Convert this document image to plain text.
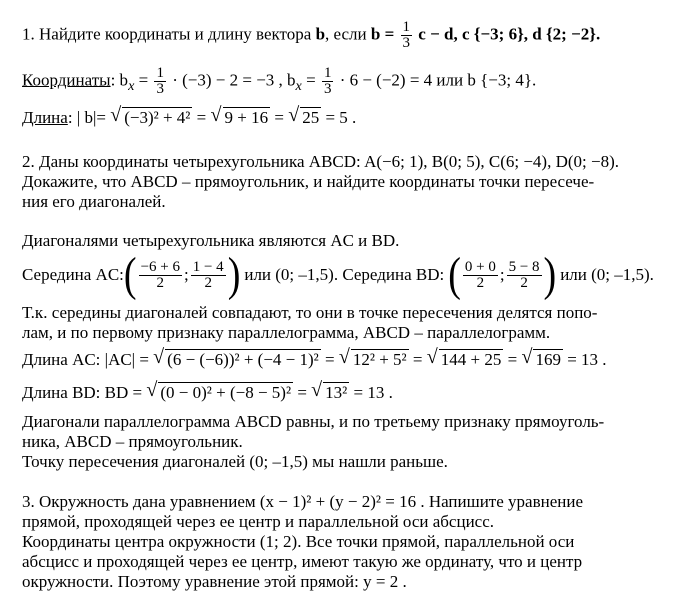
1. Найдите координаты и длину вектора b, если $b = \frac{1}{3}$ c − d, c {−3; 6}, d {2; −2}.
Координаты: $b_x = \frac{1}{3} \cdot (-3) - 2 = -3$ , $b_x = \frac{1}{3} \cdot 6 - (-2) = 4$ или b {−3; 4}.
Длина: | b|= √ (−3)² + 4² = √ 9 + 16 = √ 25 = 5 .
2. Даны координаты четырехугольника ABCD: A(−6; 1), B(0; 5), C(6; −4), D(0; −8).
Докажите, что ABCD – прямоугольник, и найдите координаты точки пересече-
ния его диагоналей.
Диагоналями четырехугольника являются AC и BD.
Середина AC: ( $\frac{-6 + 6}{2}$ ; $\frac{1 - 4}{2}$ ) или (0; –1,5). Середина BD: ( $\frac{0 + 0}{2}$ ; $\frac{5 - 8}{2}$ ) или (0; –1,5).
Т.к. середины диагоналей совпадают, то они в точке пересечения делятся попо-
лам, и по первому признаку параллелограмма, ABCD – параллелограмм.
Длина AC: |AC| = √ (6 − (−6))² + (−4 − 1)² = √ 12² + 5² = √ 144 + 25 = √ 169 = 13 .
Длина BD: BD = √ (0 − 0)² + (−8 − 5)² = √ 13² = 13 .
Диагонали параллелограмма ABCD равны, и по третьему признаку прямоуголь-
ника, ABCD – прямоугольник.
Точку пересечения диагоналей (0; –1,5) мы нашли раньше.
3. Окружность дана уравнением (x − 1)² + (y − 2)² = 16 . Напишите уравнение
прямой, проходящей через ее центр и параллельной оси абсцисс.
Координаты центра окружности (1; 2). Все точки прямой, параллельной оси
абсцисс и проходящей через ее центр, имеют такую же ординату, что и центр
окружности. Поэтому уравнение этой прямой: y = 2 .
